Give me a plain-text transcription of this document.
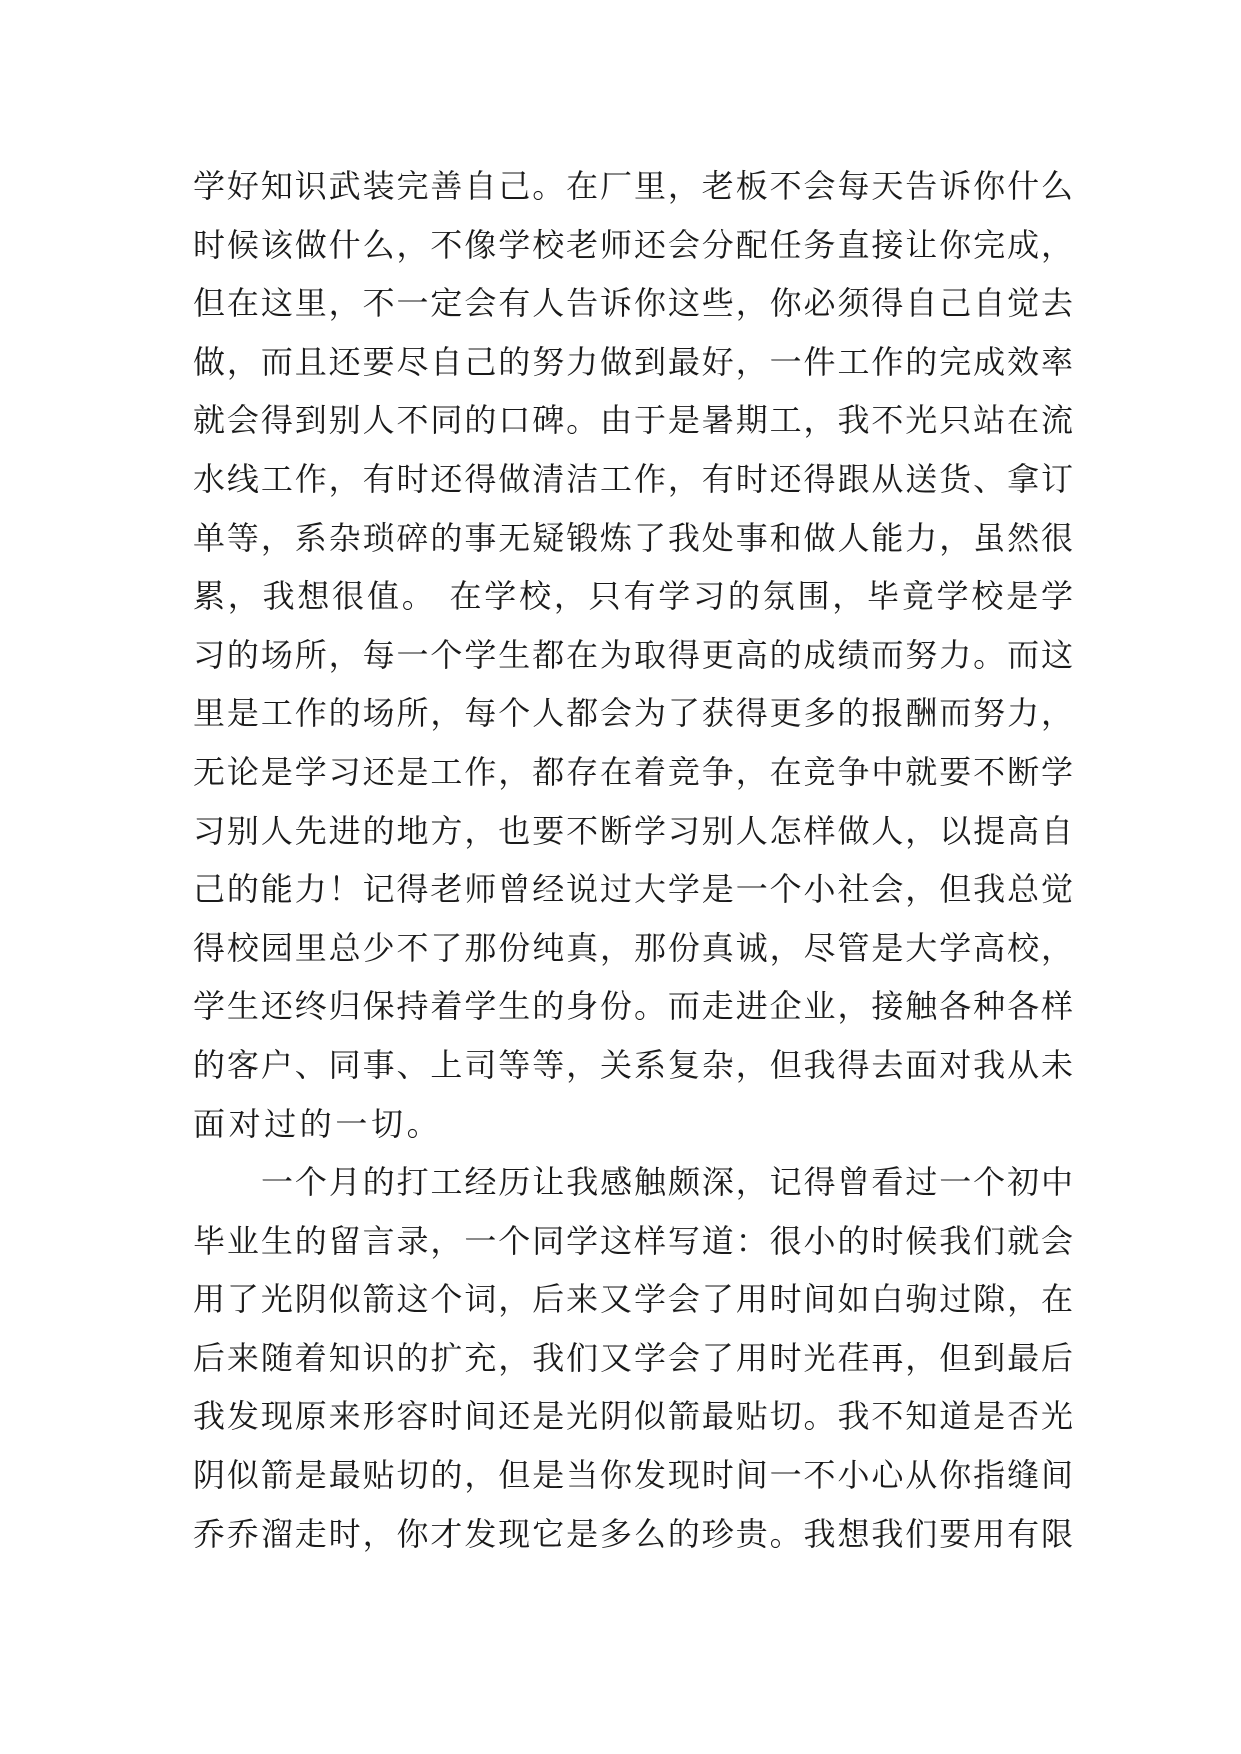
学好知识武装完善自己。在厂里，老板不会每天告诉你什么
时候该做什么，不像学校老师还会分配任务直接让你完成，
但在这里，不一定会有人告诉你这些，你必须得自己自觉去
做，而且还要尽自己的努力做到最好，一件工作的完成效率
就会得到别人不同的口碑。由于是暑期工，我不光只站在流
水线工作，有时还得做清洁工作，有时还得跟从送货、拿订
单等，系杂琐碎的事无疑锻炼了我处事和做人能力，虽然很
累，我想很值。 在学校，只有学习的氛围，毕竟学校是学
习的场所，每一个学生都在为取得更高的成绩而努力。而这
里是工作的场所，每个人都会为了获得更多的报酬而努力，
无论是学习还是工作，都存在着竞争，在竞争中就要不断学
习别人先进的地方，也要不断学习别人怎样做人，以提高自
己的能力！记得老师曾经说过大学是一个小社会，但我总觉
得校园里总少不了那份纯真，那份真诚，尽管是大学高校，
学生还终归保持着学生的身份。而走进企业，接触各种各样
的客户、同事、上司等等，关系复杂，但我得去面对我从未
面对过的一切。
一个月的打工经历让我感触颇深，记得曾看过一个初中
毕业生的留言录，一个同学这样写道：很小的时候我们就会
用了光阴似箭这个词，后来又学会了用时间如白驹过隙，在
后来随着知识的扩充，我们又学会了用时光荏再，但到最后
我发现原来形容时间还是光阴似箭最贴切。我不知道是否光
阴似箭是最贴切的，但是当你发现时间一不小心从你指缝间
乔乔溜走时，你才发现它是多么的珍贵。我想我们要用有限
